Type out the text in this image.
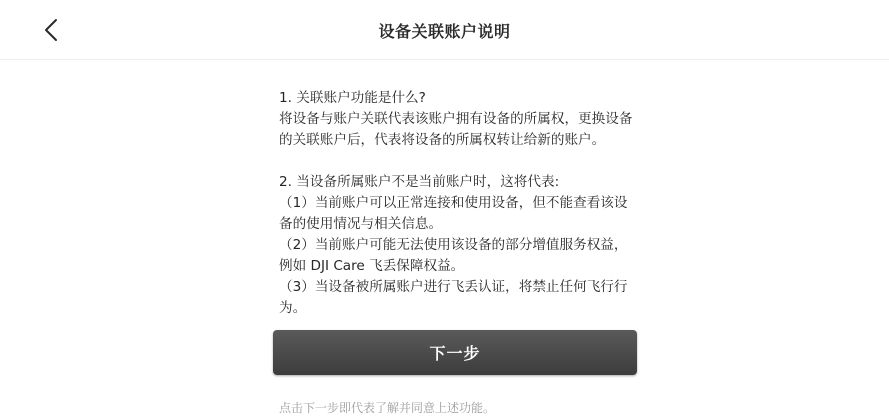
设备关联账户说明

1. 关联账户功能是什么?

将设备与账户关联代表该账户拥有设备的所属权，更换设备的关联账户后，代表将设备的所属权转让给新的账户。

2. 当设备所属账户不是当前账户时，这将代表:

（1）当前账户可以正常连接和使用设备，但不能查看该设备的使用情况与相关信息。

（2）当前账户可能无法使用该设备的部分增值服务权益，例如 DJI Care 飞丢保障权益。

（3）当设备被所属账户进行飞丢认证，将禁止任何飞行行为。

下一步
点击下一步即代表了解并同意上述功能。
